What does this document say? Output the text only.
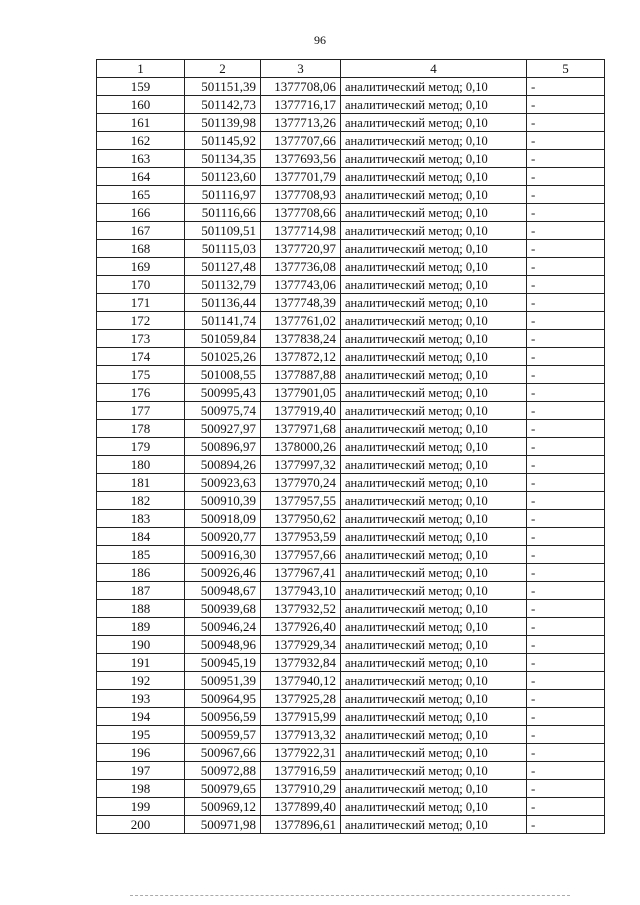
96
1	2	3	4	5
159	501151,39	1377708,06	аналитический метод; 0,10	-
160	501142,73	1377716,17	аналитический метод; 0,10	-
161	501139,98	1377713,26	аналитический метод; 0,10	-
162	501145,92	1377707,66	аналитический метод; 0,10	-
163	501134,35	1377693,56	аналитический метод; 0,10	-
164	501123,60	1377701,79	аналитический метод; 0,10	-
165	501116,97	1377708,93	аналитический метод; 0,10	-
166	501116,66	1377708,66	аналитический метод; 0,10	-
167	501109,51	1377714,98	аналитический метод; 0,10	-
168	501115,03	1377720,97	аналитический метод; 0,10	-
169	501127,48	1377736,08	аналитический метод; 0,10	-
170	501132,79	1377743,06	аналитический метод; 0,10	-
171	501136,44	1377748,39	аналитический метод; 0,10	-
172	501141,74	1377761,02	аналитический метод; 0,10	-
173	501059,84	1377838,24	аналитический метод; 0,10	-
174	501025,26	1377872,12	аналитический метод; 0,10	-
175	501008,55	1377887,88	аналитический метод; 0,10	-
176	500995,43	1377901,05	аналитический метод; 0,10	-
177	500975,74	1377919,40	аналитический метод; 0,10	-
178	500927,97	1377971,68	аналитический метод; 0,10	-
179	500896,97	1378000,26	аналитический метод; 0,10	-
180	500894,26	1377997,32	аналитический метод; 0,10	-
181	500923,63	1377970,24	аналитический метод; 0,10	-
182	500910,39	1377957,55	аналитический метод; 0,10	-
183	500918,09	1377950,62	аналитический метод; 0,10	-
184	500920,77	1377953,59	аналитический метод; 0,10	-
185	500916,30	1377957,66	аналитический метод; 0,10	-
186	500926,46	1377967,41	аналитический метод; 0,10	-
187	500948,67	1377943,10	аналитический метод; 0,10	-
188	500939,68	1377932,52	аналитический метод; 0,10	-
189	500946,24	1377926,40	аналитический метод; 0,10	-
190	500948,96	1377929,34	аналитический метод; 0,10	-
191	500945,19	1377932,84	аналитический метод; 0,10	-
192	500951,39	1377940,12	аналитический метод; 0,10	-
193	500964,95	1377925,28	аналитический метод; 0,10	-
194	500956,59	1377915,99	аналитический метод; 0,10	-
195	500959,57	1377913,32	аналитический метод; 0,10	-
196	500967,66	1377922,31	аналитический метод; 0,10	-
197	500972,88	1377916,59	аналитический метод; 0,10	-
198	500979,65	1377910,29	аналитический метод; 0,10	-
199	500969,12	1377899,40	аналитический метод; 0,10	-
200	500971,98	1377896,61	аналитический метод; 0,10	-
